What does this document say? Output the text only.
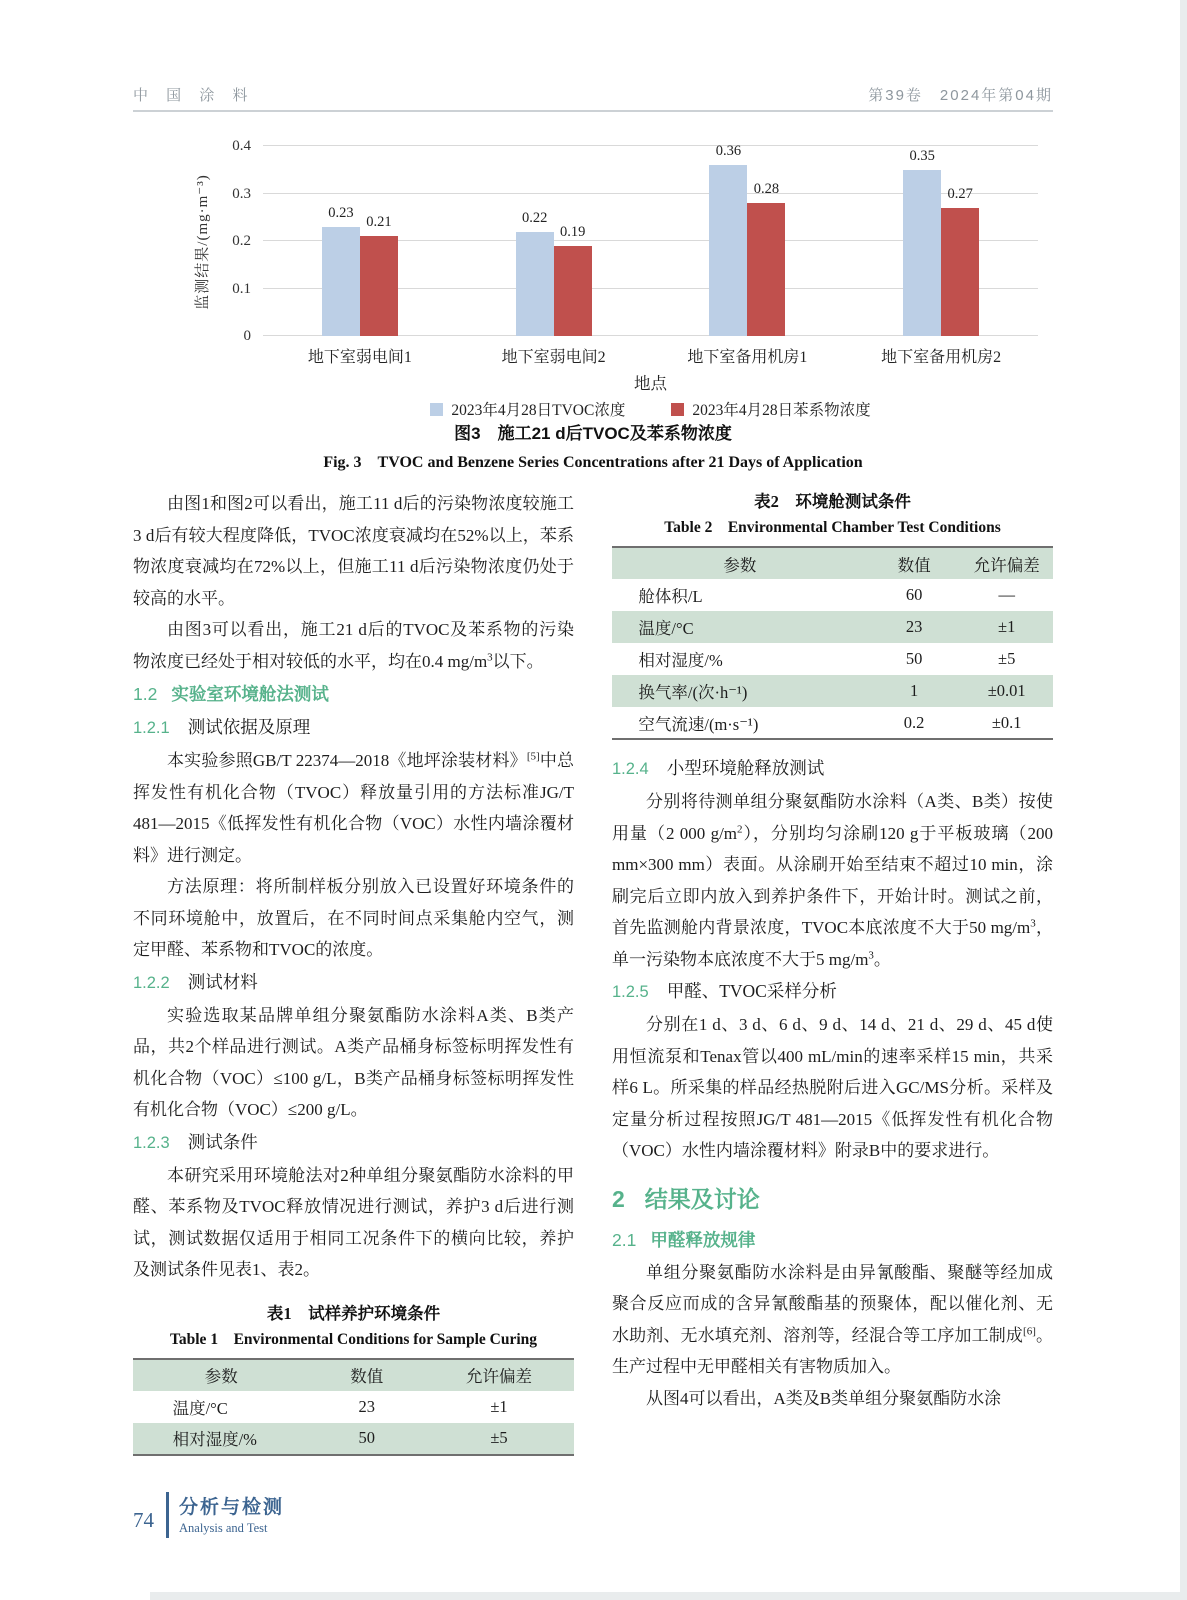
中 国 涂 料	第39卷　2024年第04期
监测结果/(mg·m⁻³)
0
0.1
0.2
0.3
0.4
0.23
0.21	0.22
0.19
0.36
0.28
0.35
0.27
地下室弱电间1	地下室弱电间2	地下室备用机房1	地下室备用机房2
地点
2023年4月28日TVOC浓度	2023年4月28日苯系物浓度
图3　施工21 d后TVOC及苯系物浓度
Fig. 3　TVOC and Benzene Series Concentrations after 21 Days of Application

由图1和图2可以看出，施工11 d后的污染物浓度较施工3 d后有较大程度降低，TVOC浓度衰减均在52%以上，苯系物浓度衰减均在72%以上，但施工11 d后污染物浓度仍处于较高的水平。

由图3可以看出，施工21 d后的TVOC及苯系物的污染物浓度已经处于相对较低的水平，均在0.4 $mg/m^3$以下。

1.2 实验室环境舱法测试
1.2.1 测试依据及原理

本实验参照GB/T 22374—2018《地坪涂装材料》[5]中总挥发性有机化合物（TVOC）释放量引用的方法标准JG/T 481—2015《低挥发性有机化合物（VOC）水性内墙涂覆材料》进行测定。

方法原理：将所制样板分别放入已设置好环境条件的不同环境舱中，放置后，在不同时间点采集舱内空气，测定甲醛、苯系物和TVOC的浓度。

1.2.2 测试材料

实验选取某品牌单组分聚氨酯防水涂料A类、B类产品，共2个样品进行测试。A类产品桶身标签标明挥发性有机化合物（VOC）≤100 g/L，B类产品桶身标签标明挥发性有机化合物（VOC）≤200 g/L。

1.2.3 测试条件

本研究采用环境舱法对2种单组分聚氨酯防水涂料的甲醛、苯系物及TVOC释放情况进行测试，养护3 d后进行测试，测试数据仅适用于相同工况条件下的横向比较，养护及测试条件见表1、表2。

表1　试样养护环境条件
Table 1　Environmental Conditions for Sample Curing
参数	数值	允许偏差
温度/°C	23	±1
相对湿度/%	50	±5
表2　环境舱测试条件
Table 2　Environmental Chamber Test Conditions
参数	数值	允许偏差
舱体积/L	60	—
温度/°C	23	±1
相对湿度/%	50	±5
换气率/(次·h⁻¹)	1	±0.01
空气流速/(m·s⁻¹)	0.2	±0.1
1.2.4 小型环境舱释放测试

分别将待测单组分聚氨酯防水涂料（A类、B类）按使用量（2 000 $g/m^2$），分别均匀涂刷120 g于平板玻璃（200 mm×300 mm）表面。从涂刷开始至结束不超过10 min，涂刷完后立即内放入到养护条件下，开始计时。测试之前，首先监测舱内背景浓度，TVOC本底浓度不大于50 $mg/m^3$，单一污染物本底浓度不大于5 $mg/m^3$。

1.2.5 甲醛、TVOC采样分析

分别在1 d、3 d、6 d、9 d、14 d、21 d、29 d、45 d使用恒流泵和Tenax管以400 mL/min的速率采样15 min，共采样6 L。所采集的样品经热脱附后进入GC/MS分析。采样及定量分析过程按照JG/T 481—2015《低挥发性有机化合物（VOC）水性内墙涂覆材料》附录B中的要求进行。

2 结果及讨论
2.1 甲醛释放规律

单组分聚氨酯防水涂料是由异氰酸酯、聚醚等经加成聚合反应而成的含异氰酸酯基的预聚体，配以催化剂、无水助剂、无水填充剂、溶剂等，经混合等工序加工制成[6]。生产过程中无甲醛相关有害物质加入。

从图4可以看出，A类及B类单组分聚氨酯防水涂

74
分析与检测
Analysis and Test
